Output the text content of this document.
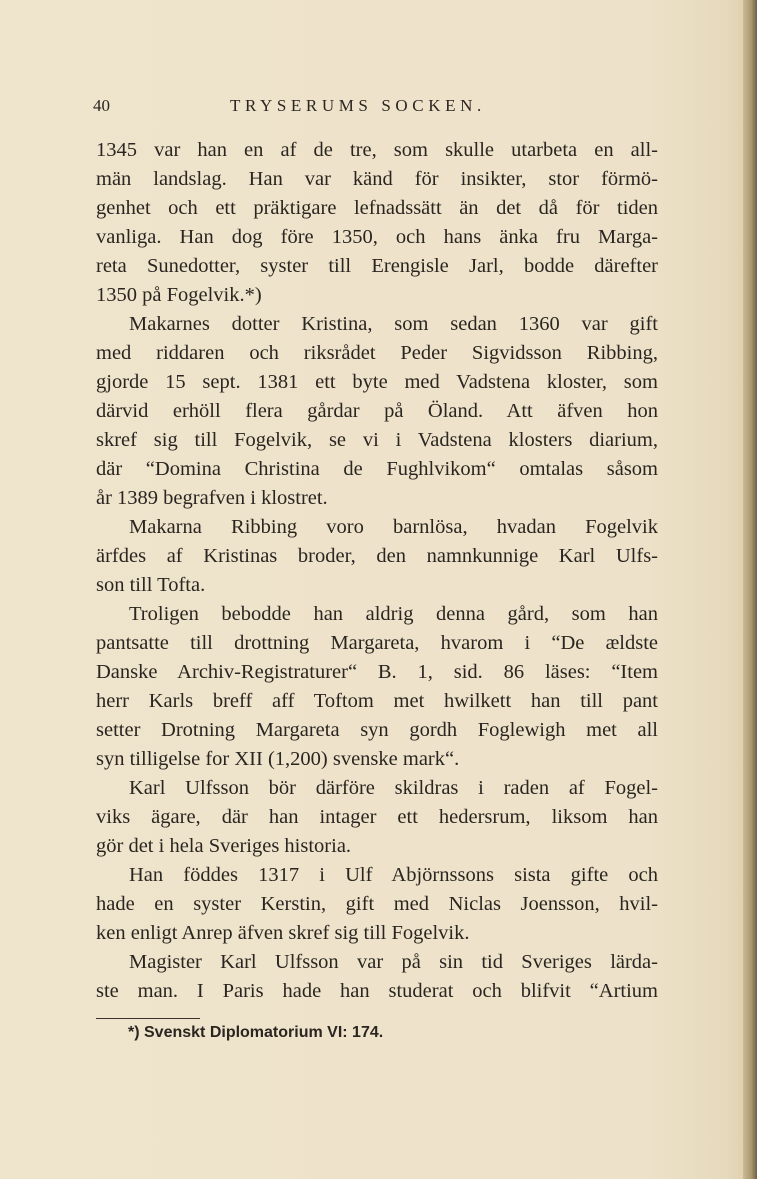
40	TRYSERUMS SOCKEN.
1345 var han en af de tre, som skulle utarbeta en all-
män landslag. Han var känd för insikter, stor förmö-
genhet och ett präktigare lefnadssätt än det då för tiden
vanliga. Han dog före 1350, och hans änka fru Marga-
reta Sunedotter, syster till Erengisle Jarl, bodde därefter
1350 på Fogelvik.*)
Makarnes dotter Kristina, som sedan 1360 var gift
med riddaren och riksrådet Peder Sigvidsson Ribbing,
gjorde 15 sept. 1381 ett byte med Vadstena kloster, som
därvid erhöll flera gårdar på Öland. Att äfven hon
skref sig till Fogelvik, se vi i Vadstena klosters diarium,
där “Domina Christina de Fughlvikom“ omtalas såsom
år 1389 begrafven i klostret.
Makarna Ribbing voro barnlösa, hvadan Fogelvik
ärfdes af Kristinas broder, den namnkunnige Karl Ulfs-
son till Tofta.
Troligen bebodde han aldrig denna gård, som han
pantsatte till drottning Margareta, hvarom i “De ældste
Danske Archiv-Registraturer“ B. 1, sid. 86 läses: “Item
herr Karls breff aff Toftom met hwilkett han till pant
setter Drotning Margareta syn gordh Foglewigh met all
syn tilligelse for XII (1,200) svenske mark“.
Karl Ulfsson bör därföre skildras i raden af Fogel-
viks ägare, där han intager ett hedersrum, liksom han
gör det i hela Sveriges historia.
Han föddes 1317 i Ulf Abjörnssons sista gifte och
hade en syster Kerstin, gift med Niclas Joensson, hvil-
ken enligt Anrep äfven skref sig till Fogelvik.
Magister Karl Ulfsson var på sin tid Sveriges lärda-
ste man. I Paris hade han studerat och blifvit “Artium
*) Svenskt Diplomatorium VI: 174.
